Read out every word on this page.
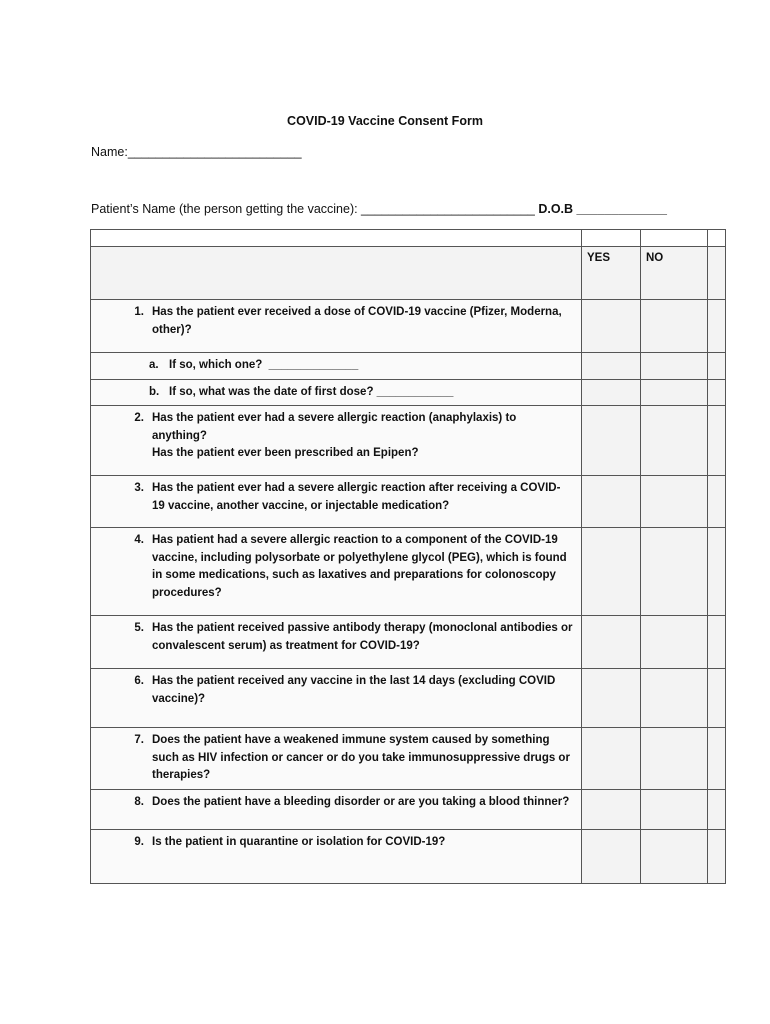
COVID-19 Vaccine Consent Form
Name:_________________________
Patient’s Name (the person getting the vaccine): _________________________ D.O.B _____________

	YES	NO	

1. Has the patient ever received a dose of COVID-19 vaccine (Pfizer, Moderna, other)?			

a. If so, which one?  ______________			

b. If so, what was the date of first dose? ____________			

2. Has the patient ever had a severe allergic reaction (anaphylaxis) to anything?
Has the patient ever been prescribed an Epipen?			

3. Has the patient ever had a severe allergic reaction after receiving a COVID-19 vaccine, another vaccine, or injectable medication?			

4. Has patient had a severe allergic reaction to a component of the COVID-19 vaccine, including polysorbate or polyethylene glycol (PEG), which is found in some medications, such as laxatives and preparations for colonoscopy procedures?			

5. Has the patient received passive antibody therapy (monoclonal antibodies or convalescent serum) as treatment for COVID-19?			

6. Has the patient received any vaccine in the last 14 days (excluding COVID vaccine)?			

7. Does the patient have a weakened immune system caused by something such as HIV infection or cancer or do you take immunosuppressive drugs or therapies?			

8. Does the patient have a bleeding disorder or are you taking a blood thinner?			

9. Is the patient in quarantine or isolation for COVID-19?			
